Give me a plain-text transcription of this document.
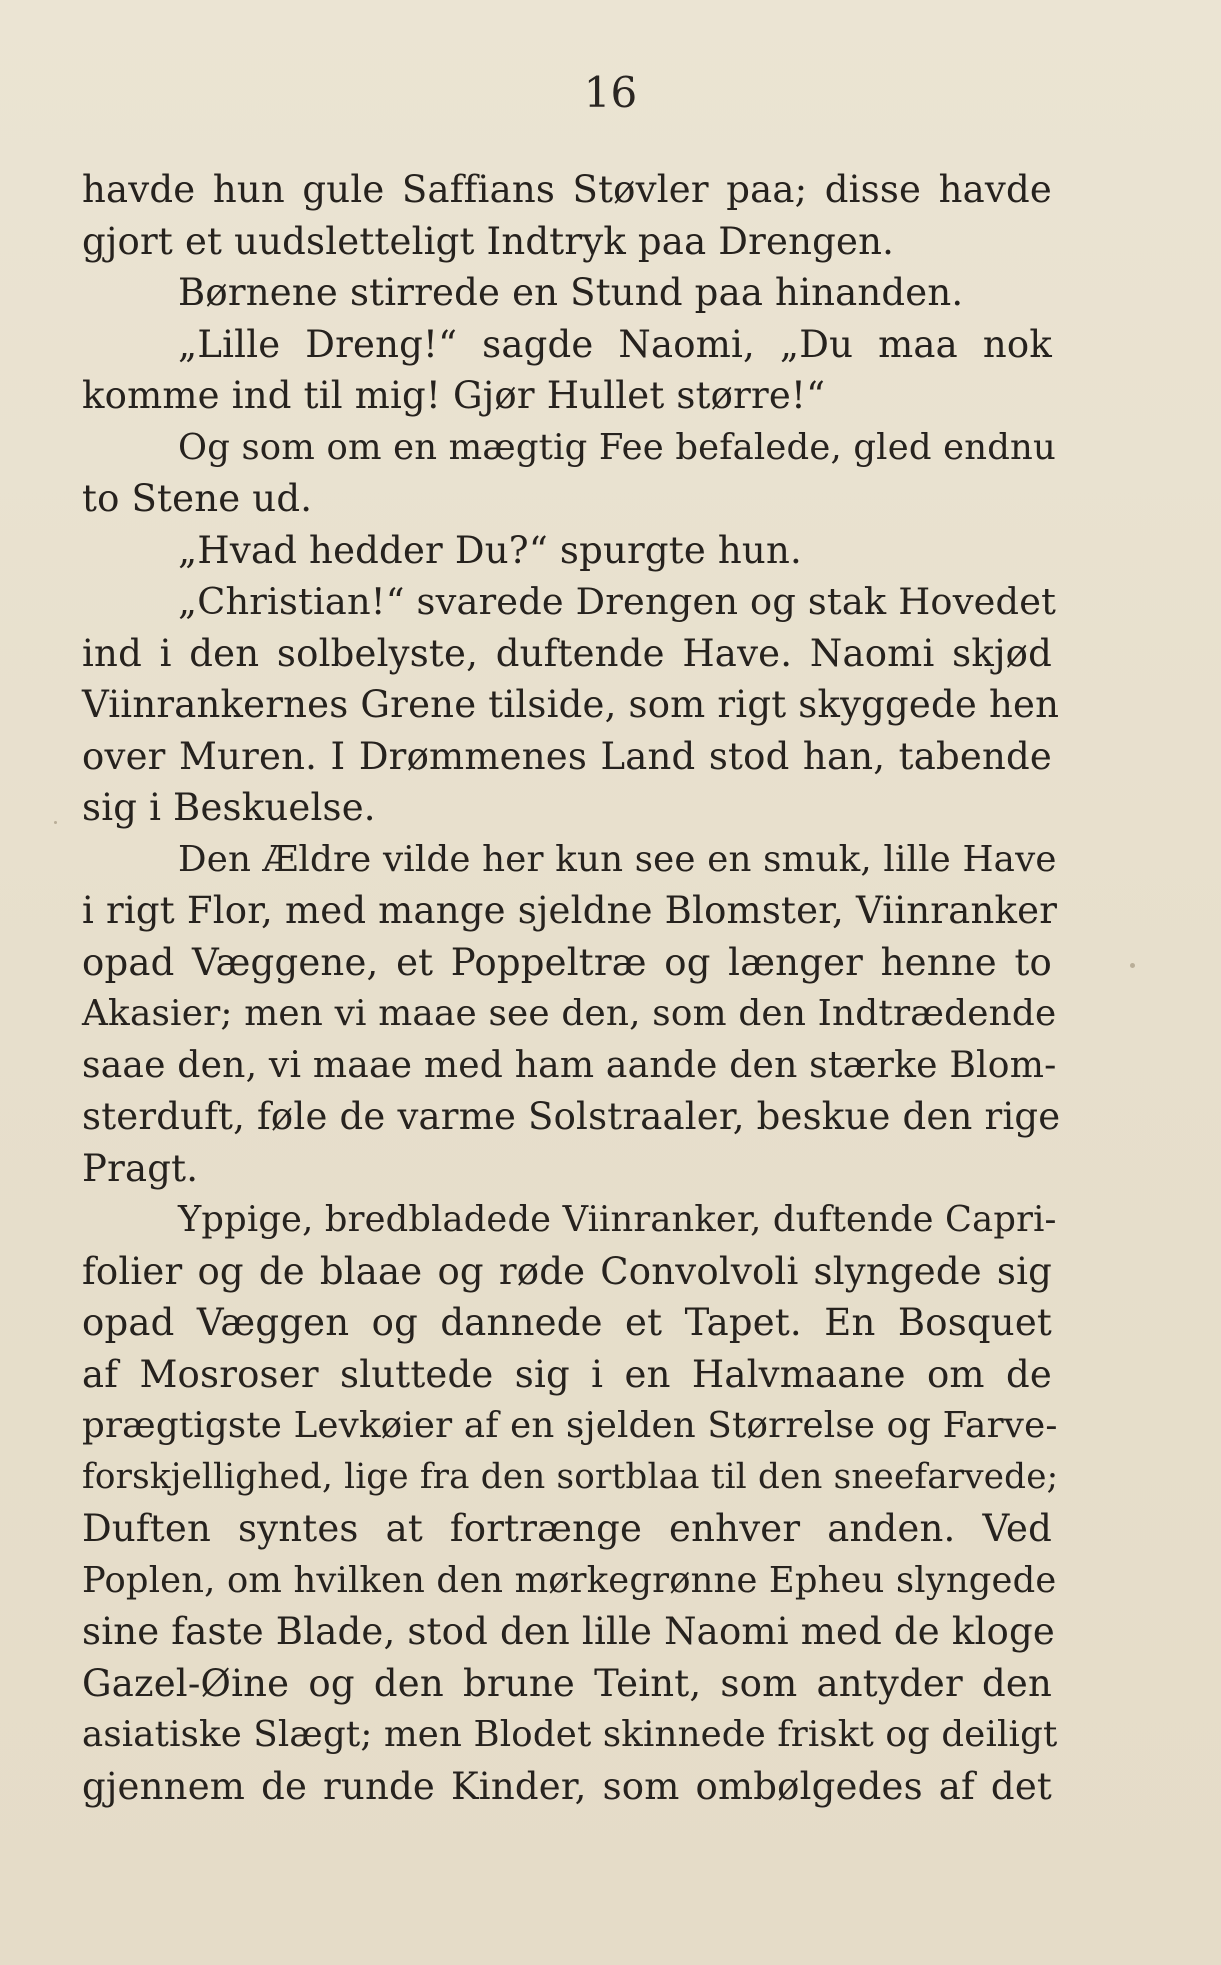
16
havde hun gule Saffians Støvler paa; disse havde
gjort et uudsletteligt Indtryk paa Drengen.
Børnene stirrede en Stund paa hinanden.
„Lille Dreng!“ sagde Naomi, „Du maa nok
komme ind til mig! Gjør Hullet større!“
Og som om en mægtig Fee befalede, gled endnu
to Stene ud.
„Hvad hedder Du?“ spurgte hun.
„Christian!“ svarede Drengen og stak Hovedet
ind i den solbelyste, duftende Have. Naomi skjød
Viinrankernes Grene tilside, som rigt skyggede hen
over Muren. I Drømmenes Land stod han, tabende
sig i Beskuelse.
Den Ældre vilde her kun see en smuk, lille Have
i rigt Flor, med mange sjeldne Blomster, Viinranker
opad Væggene, et Poppeltræ og længer henne to
Akasier; men vi maae see den, som den Indtrædende
saae den, vi maae med ham aande den stærke Blom-
sterduft, føle de varme Solstraaler, beskue den rige
Pragt.
Yppige, bredbladede Viinranker, duftende Capri-
folier og de blaae og røde Convolvoli slyngede sig
opad Væggen og dannede et Tapet. En Bosquet
af Mosroser sluttede sig i en Halvmaane om de
prægtigste Levkøier af en sjelden Størrelse og Farve-
forskjellighed, lige fra den sortblaa til den sneefarvede;
Duften syntes at fortrænge enhver anden. Ved
Poplen, om hvilken den mørkegrønne Epheu slyngede
sine faste Blade, stod den lille Naomi med de kloge
Gazel-Øine og den brune Teint, som antyder den
asiatiske Slægt; men Blodet skinnede friskt og deiligt
gjennem de runde Kinder, som ombølgedes af det
